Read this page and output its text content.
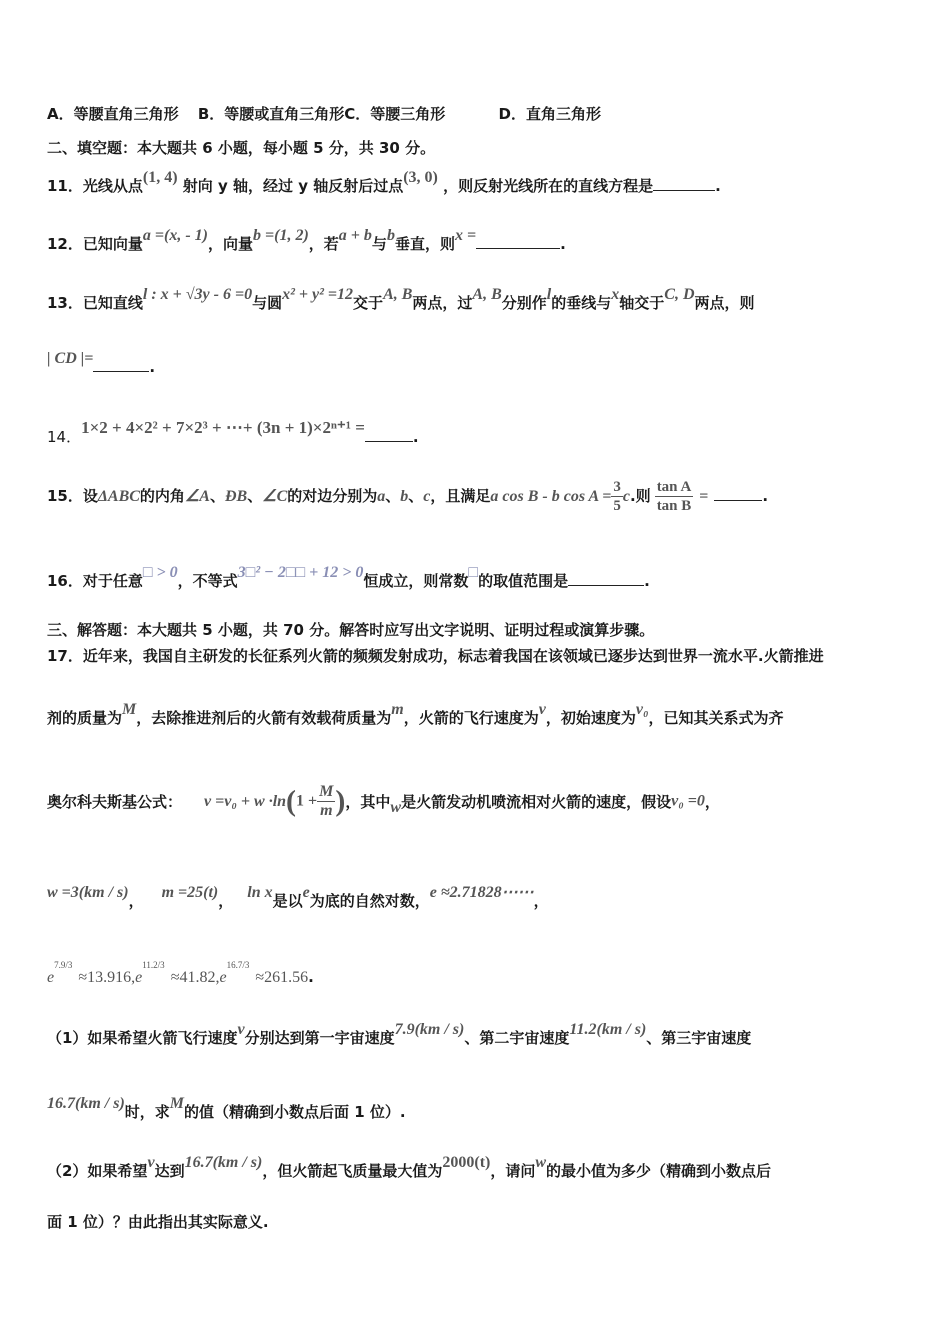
A．等腰直角三角形 B．等腰或直角三角形C．等腰三角形	D．直角三角形
二、填空题：本大题共 6 小题，每小题 5 分，共 30 分。
11．光线从点(1, 4) 射向 y 轴，经过 y 轴反射后过点(3, 0) ，则反射光线所在的直线方程是	.
12．已知向量a =(x, - 1)，向量b =(1, 2)，若a + b与b垂直，则x =	.
13．已知直线l : x + √3y - 6 =0与圆x² + y² =12交于A, B两点，过A, B分别作l的垂线与x轴交于C, D两点，则
| CD |=	.
14．1×2 + 4×2² + 7×2³ + ⋯+ (3n + 1)×2ⁿ⁺¹ =	.
15．设ΔABC的内角∠A、ÐB、∠C的对边分别为a、b、c，且满足a cos B - b $\cos A = \frac{3}{5} c$.则 $\frac{\text{tan A}}{\text{tan B}}$ =	.
16．对于任意□ > 0，不等式3□² − 2□□ + 12 > 0恒成立，则常数□的取值范围是	.
三、解答题：本大题共 5 小题，共 70 分。解答时应写出文字说明、证明过程或演算步骤。
17．近年来，我国自主研发的长征系列火箭的频频发射成功，标志着我国在该领域已逐步达到世界一流水平.火箭推进
剂的质量为M，去除推进剂后的火箭有效载荷质量为m，火箭的飞行速度为v，初始速度为v₀，已知其关系式为齐
奥尔科夫斯基公式： $v =v_0 + w \cdot\ln(1 + \frac{M}{m}$ )，其中w是火箭发动机喷流相对火箭的速度，假设v₀ =0，
w =3(km / s)， m =25(t)， ln x是以e为底的自然对数，e ≈2.71828⋯⋯，
$e^{7.9/3}\approx 13.916,e^{11.2/3}\approx 41.82,e^{16.7/3}\approx 261.56$.
（1）如果希望火箭飞行速度v分别达到第一宇宙速度7.9(km / s)、第二宇宙速度11.2(km / s)、第三宇宙速度
16.7(km / s)时，求M的值（精确到小数点后面 1 位）.
（2）如果希望v达到16.7(km / s)，但火箭起飞质量最大值为2000(t)，请问w的最小值为多少（精确到小数点后
面 1 位）？由此指出其实际意义.
